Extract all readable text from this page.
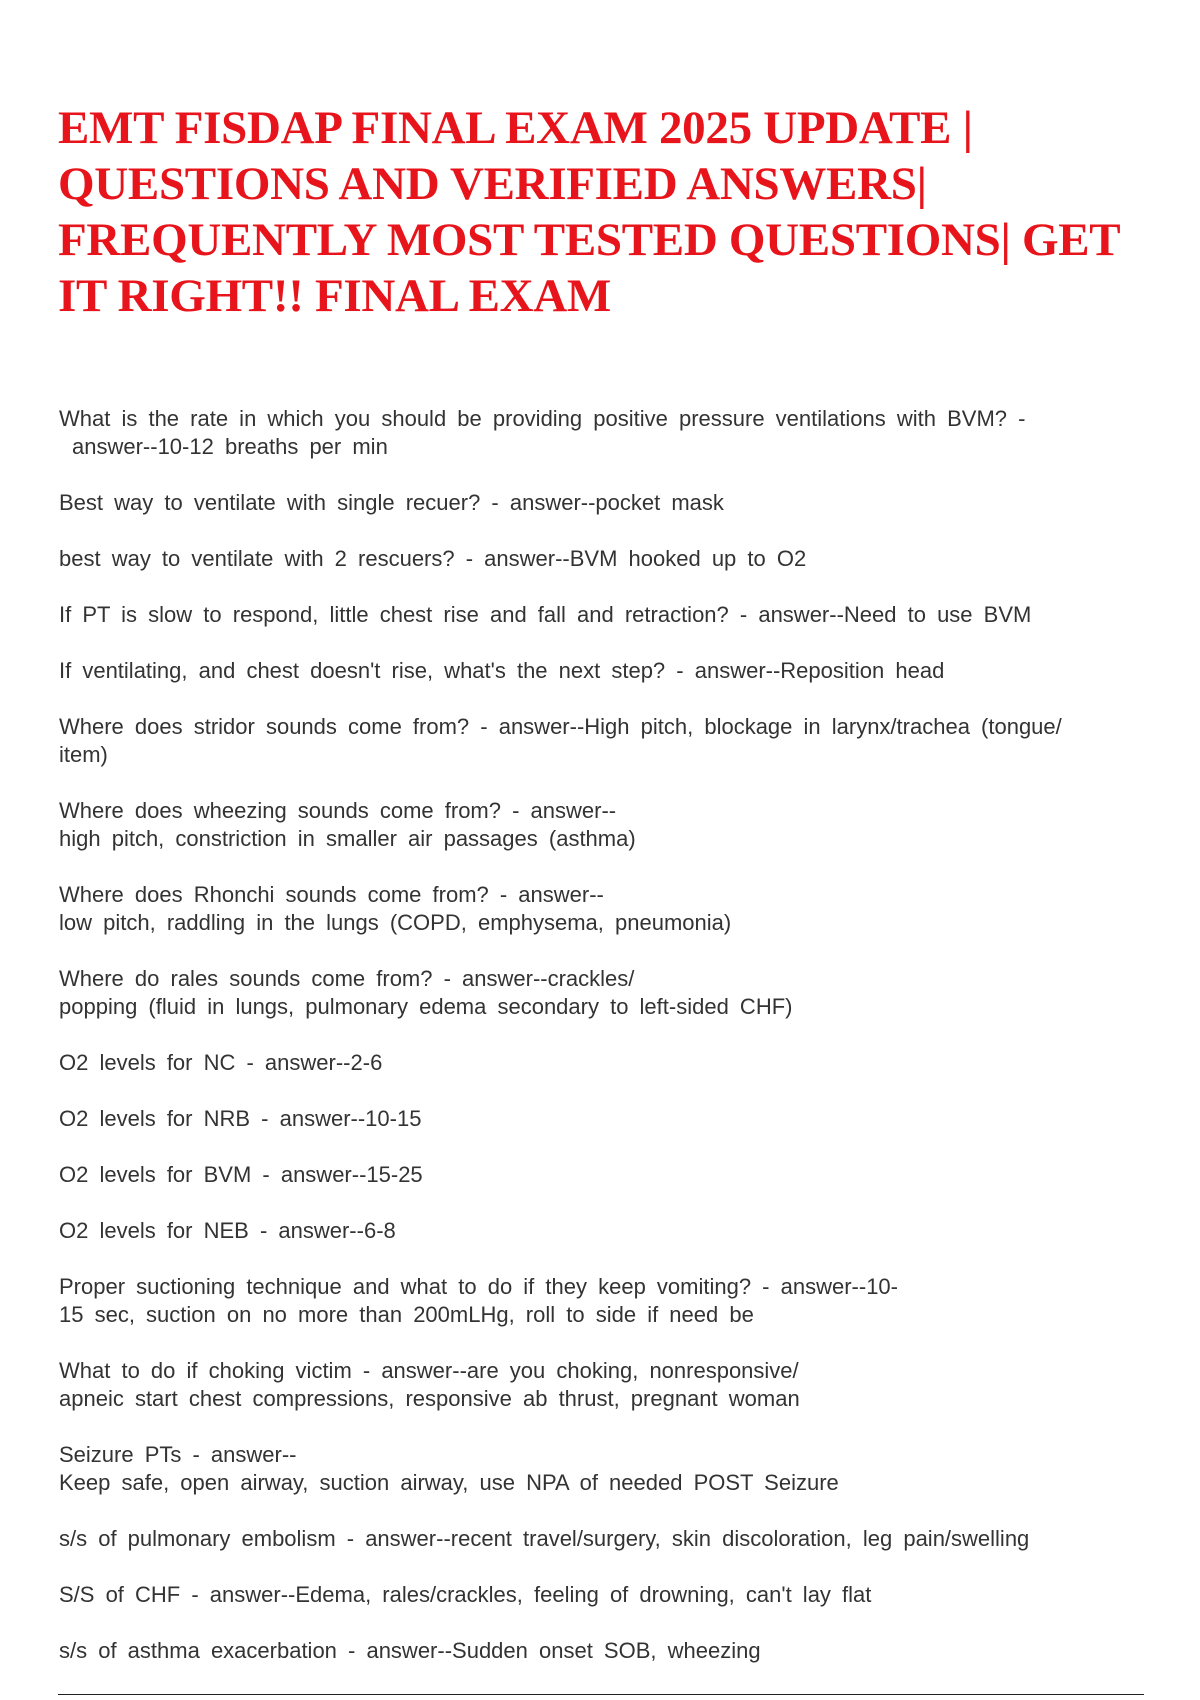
EMT FISDAP FINAL EXAM 2025 UPDATE |
QUESTIONS AND VERIFIED ANSWERS|
FREQUENTLY MOST TESTED QUESTIONS| GET
IT RIGHT!! FINAL EXAM
What is the rate in which you should be providing positive pressure ventilations with BVM? -
answer--10-12 breaths per min
Best way to ventilate with single recuer? - answer--pocket mask
best way to ventilate with 2 rescuers? - answer--BVM hooked up to O2
If PT is slow to respond, little chest rise and fall and retraction? - answer--Need to use BVM
If ventilating, and chest doesn't rise, what's the next step? - answer--Reposition head
Where does stridor sounds come from? - answer--High pitch, blockage in larynx/trachea (tongue/
item)
Where does wheezing sounds come from? - answer--
high pitch, constriction in smaller air passages (asthma)
Where does Rhonchi sounds come from? - answer--
low pitch, raddling in the lungs (COPD, emphysema, pneumonia)
Where do rales sounds come from? - answer--crackles/
popping (fluid in lungs, pulmonary edema secondary to left-sided CHF)
O2 levels for NC - answer--2-6
O2 levels for NRB - answer--10-15
O2 levels for BVM - answer--15-25
O2 levels for NEB - answer--6-8
Proper suctioning technique and what to do if they keep vomiting? - answer--10-
15 sec, suction on no more than 200mLHg, roll to side if need be
What to do if choking victim - answer--are you choking, nonresponsive/
apneic start chest compressions, responsive ab thrust, pregnant woman
Seizure PTs - answer--
Keep safe, open airway, suction airway, use NPA of needed POST Seizure
s/s of pulmonary embolism - answer--recent travel/surgery, skin discoloration, leg pain/swelling
S/S of CHF - answer--Edema, rales/crackles, feeling of drowning, can't lay flat
s/s of asthma exacerbation - answer--Sudden onset SOB, wheezing
